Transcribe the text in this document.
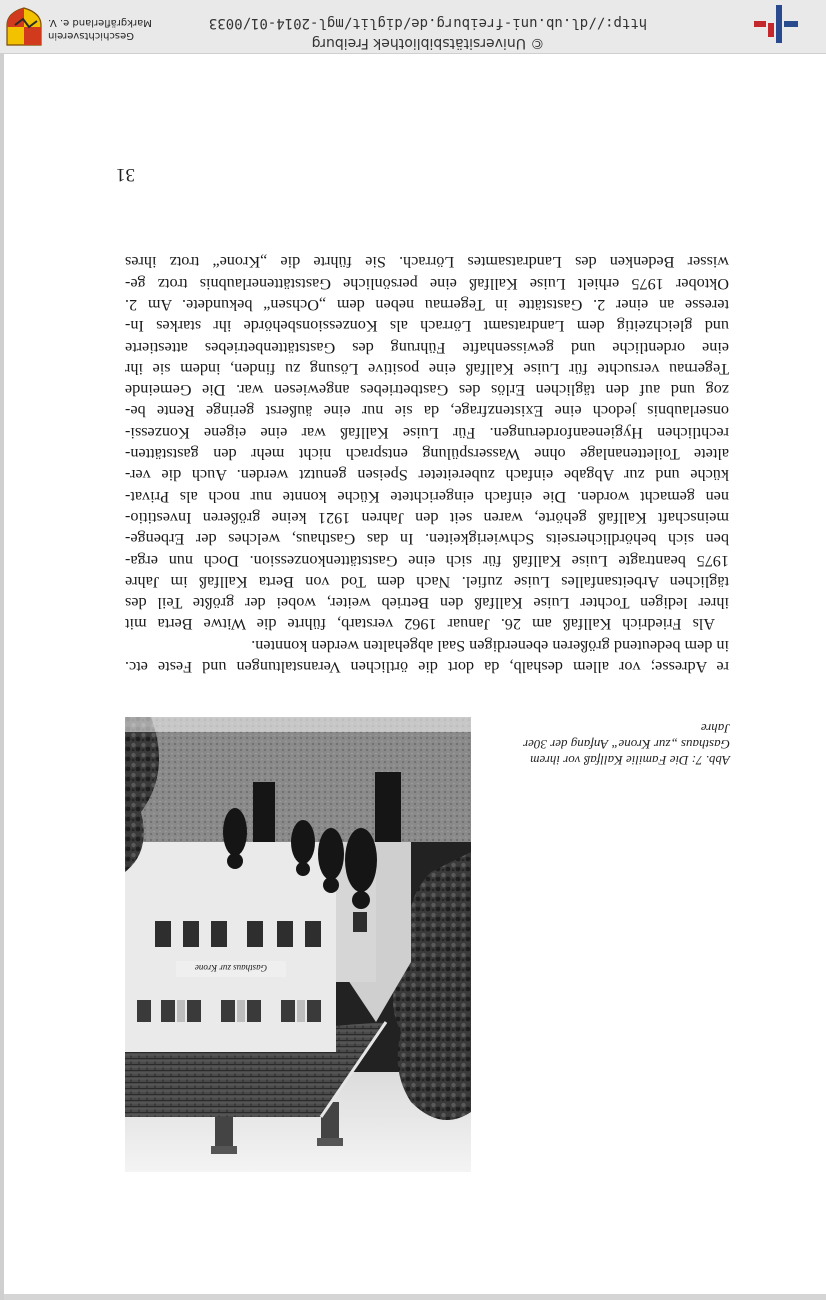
Gasthaus zur Krone
Abb. 7: Die Familie Kallfaß vor ihrem
Gasthaus „zur Krone“ Anfang der 30er
Jahre
re Adresse; vor allem deshalb, da dort die örtlichen Veranstaltungen und Feste etc.
in dem bedeutend größeren ebenerdigen Saal abgehalten werden konnten.
Als Friedrich Kallfaß am 26. Januar 1962 verstarb, führte die Witwe Berta mit
ihrer ledigen Tochter Luise Kallfaß den Betrieb weiter, wobei der größte Teil des
täglichen Arbeitsanfalles Luise zufiel. Nach dem Tod von Berta Kallfaß im Jahre
1975 beantragte Luise Kallfaß für sich eine Gaststättenkonzession. Doch nun erga-
ben sich behördlicherseits Schwierigkeiten. In das Gasthaus, welches der Erbenge-
meinschaft Kallfaß gehörte, waren seit den Jahren 1921 keine größeren Investitio-
nen gemacht worden. Die einfach eingerichtete Küche konnte nur noch als Privat-
küche und zur Abgabe einfach zubereiteter Speisen genutzt werden. Auch die ver-
altete Toilettenanlage ohne Wasserspülung entsprach nicht mehr den gaststätten-
rechtlichen Hygieneanforderungen. Für Luise Kallfaß war eine eigene Konzessi-
onserlaubnis jedoch eine Existenzfrage, da sie nur eine äußerst geringe Rente be-
zog und auf den täglichen Erlös des Gastbetriebes angewiesen war. Die Gemeinde
Tegernau versuchte für Luise Kallfaß eine positive Lösung zu finden, indem sie ihr
eine ordentliche und gewissenhafte Führung des Gaststättenbetriebes attestierte
und gleichzeitig dem Landratsamt Lörrach als Konzessionsbehörde ihr starkes In-
teresse an einer 2. Gaststätte in Tegernau neben dem „Ochsen“ bekundete. Am 2.
Oktober 1975 erhielt Luise Kallfaß eine persönliche Gaststättenerlaubnis trotz ge-
wisser Bedenken des Landratsamtes Lörrach. Sie führte die „Krone“ trotz ihres
31
Geschichtsverein
Markgräflerland e. V.
© Universitätsbibliothek Freiburg
http://dl.ub.uni-freiburg.de/diglit/mgl-2014-01/0033
